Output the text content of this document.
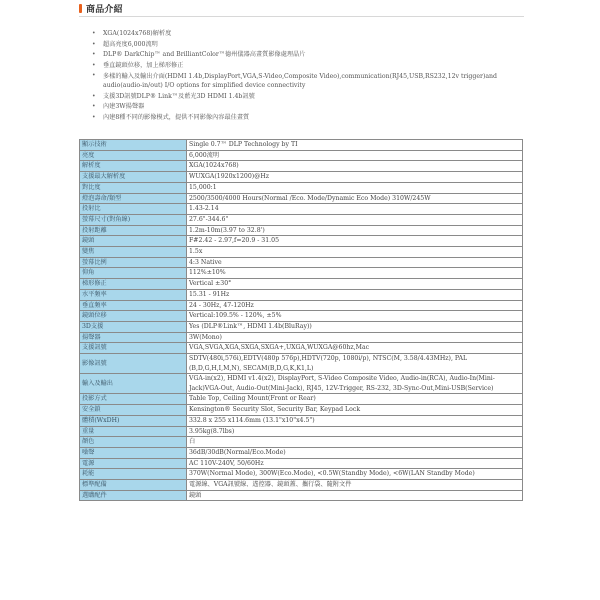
商品介紹
• XGA(1024x768)解析度
• 超高亮度6,000流明
• DLP® DarkChip™ and BrilliantColor™德州儀器高畫質影像處理晶片
• 垂直鏡頭位移，加上梯形修正
• 多樣的輸入及輸出介面(HDMI 1.4b,DisplayPort,VGA,S-Video,Composite Video),communication(RJ45,USB,RS232,12v trigger)and audio(audio-in/out) I/O options for simplified device connectivity
• 支援3D訊號DLP® Link™及藍光3D HDMI 1.4b訊號
• 內建3W揚聲器
• 內建8種不同的影像模式，提供不同影像內容最佳畫質
顯示技術	Single 0.7™ DLP Technology by TI
亮度	6,000流明
解析度	XGA(1024x768)
支援最大解析度	WUXGA(1920x1200)@Hz
對比度	15,000:1
燈泡壽命/類型	2500/3500/4000 Hours(Normal /Eco. Mode/Dynamic Eco Mode) 310W/245W
投射比	1.43-2.14
螢幕尺寸(對角線)	27.6"-344.6"
投射距離	1.2m-10m(3.97 to 32.8')
鏡頭	F#2.42 - 2.97,f=20.9 - 31.05
變焦	1.5x
螢幕比例	4:3 Native
仰角	112%±10%
梯形修正	Vertical ±30°
水平頻率	15.31 - 91Hz
垂直頻率	24 - 30Hz, 47-120Hz
鏡頭位移	Vertical:109.5% - 120%, ±5%
3D支援	Yes (DLP®Link™, HDMI 1.4b(BluRay))
揚聲器	3W(Mono)
支援訊號	VGA,SVGA,XGA,SXGA,SXGA+,UXGA,WUXGA@60hz,Mac
影像訊號	SDTV(480i,576i),EDTV(480p 576p),HDTV(720p, 1080i/p), NTSC(M, 3.58/4.43MHz), PAL (B,D,G,H,I,M,N), SECAM(B,D,G,K,K1,L)
輸入及輸出	VGA-in(x2), HDMI v1.4(x2), DisplayPort, S-Video Composite Video, Audio-in(RCA), Audio-In(Mini-Jack)VGA-Out, Audio-Out(Mini-Jack), RJ45, 12V-Trigger, RS-232, 3D-Sync-Out,Mini-USB(Service)
投影方式	Table Top, Ceiling Mount(Front or Rear)
安全鎖	Kensington® Security Slot, Security Bar, Keypad Lock
體積(WxDH)	332.8 x 255 x114.6mm (13.1"x10"x4.5")
重量	3.95kg(8.7lbs)
顏色	白
噪聲	36dB/30dB(Normal/Eco.Mode)
電源	AC 110V-240V, 50/60Hz
耗能	370W(Normal Mode), 300W(Eco.Mode), <0.5W(Standby Mode), <6W(LAN Standby Mode)
標準配備	電源線、VGA訊號線、遙控器、鏡頭蓋、攜行袋、隨附文件
選購配件	鏡頭
